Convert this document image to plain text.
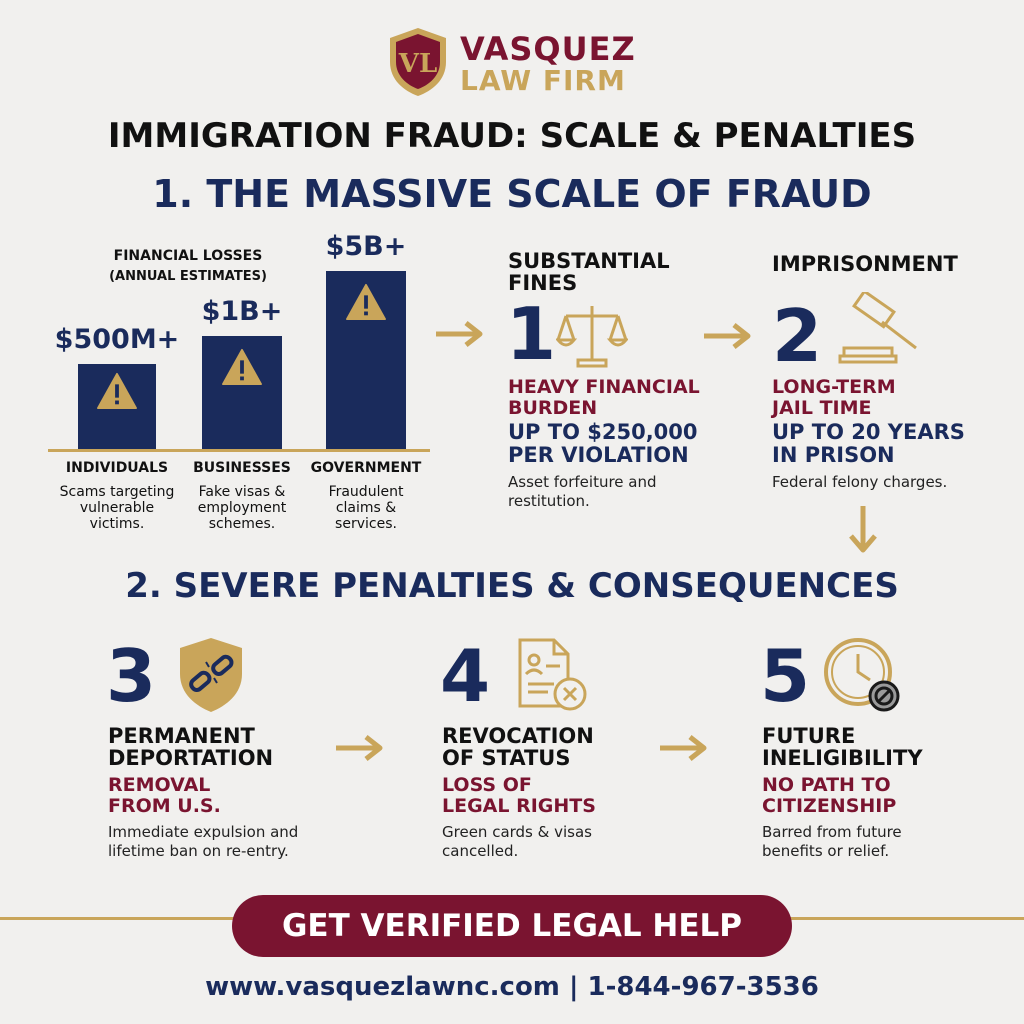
VL VASQUEZ
LAW FIRM
IMMIGRATION FRAUD: SCALE & PENALTIES
1. THE MASSIVE SCALE OF FRAUD
FINANCIAL LOSSES
(ANNUAL ESTIMATES)
$500M+
INDIVIDUALS
Scams targeting
vulnerable
victims.
$1B+
BUSINESSES
Fake visas &
employment
schemes.
$5B+
GOVERNMENT
Fraudulent
claims &
services.
SUBSTANTIAL
FINES
1
HEAVY FINANCIAL
BURDEN
UP TO $250,000
PER VIOLATION
Asset forfeiture and
restitution.
IMPRISONMENT
2
LONG-TERM
JAIL TIME
UP TO 20 YEARS
IN PRISON
Federal felony charges.
2. SEVERE PENALTIES & CONSEQUENCES
3
PERMANENT
DEPORTATION
REMOVAL
FROM U.S.
Immediate expulsion and
lifetime ban on re-entry.
4
REVOCATION
OF STATUS
LOSS OF
LEGAL RIGHTS
Green cards & visas
cancelled.
5
FUTURE
INELIGIBILITY
NO PATH TO
CITIZENSHIP
Barred from future
benefits or relief.
GET VERIFIED LEGAL HELP
www.vasquezlawnc.com | 1-844-967-3536
